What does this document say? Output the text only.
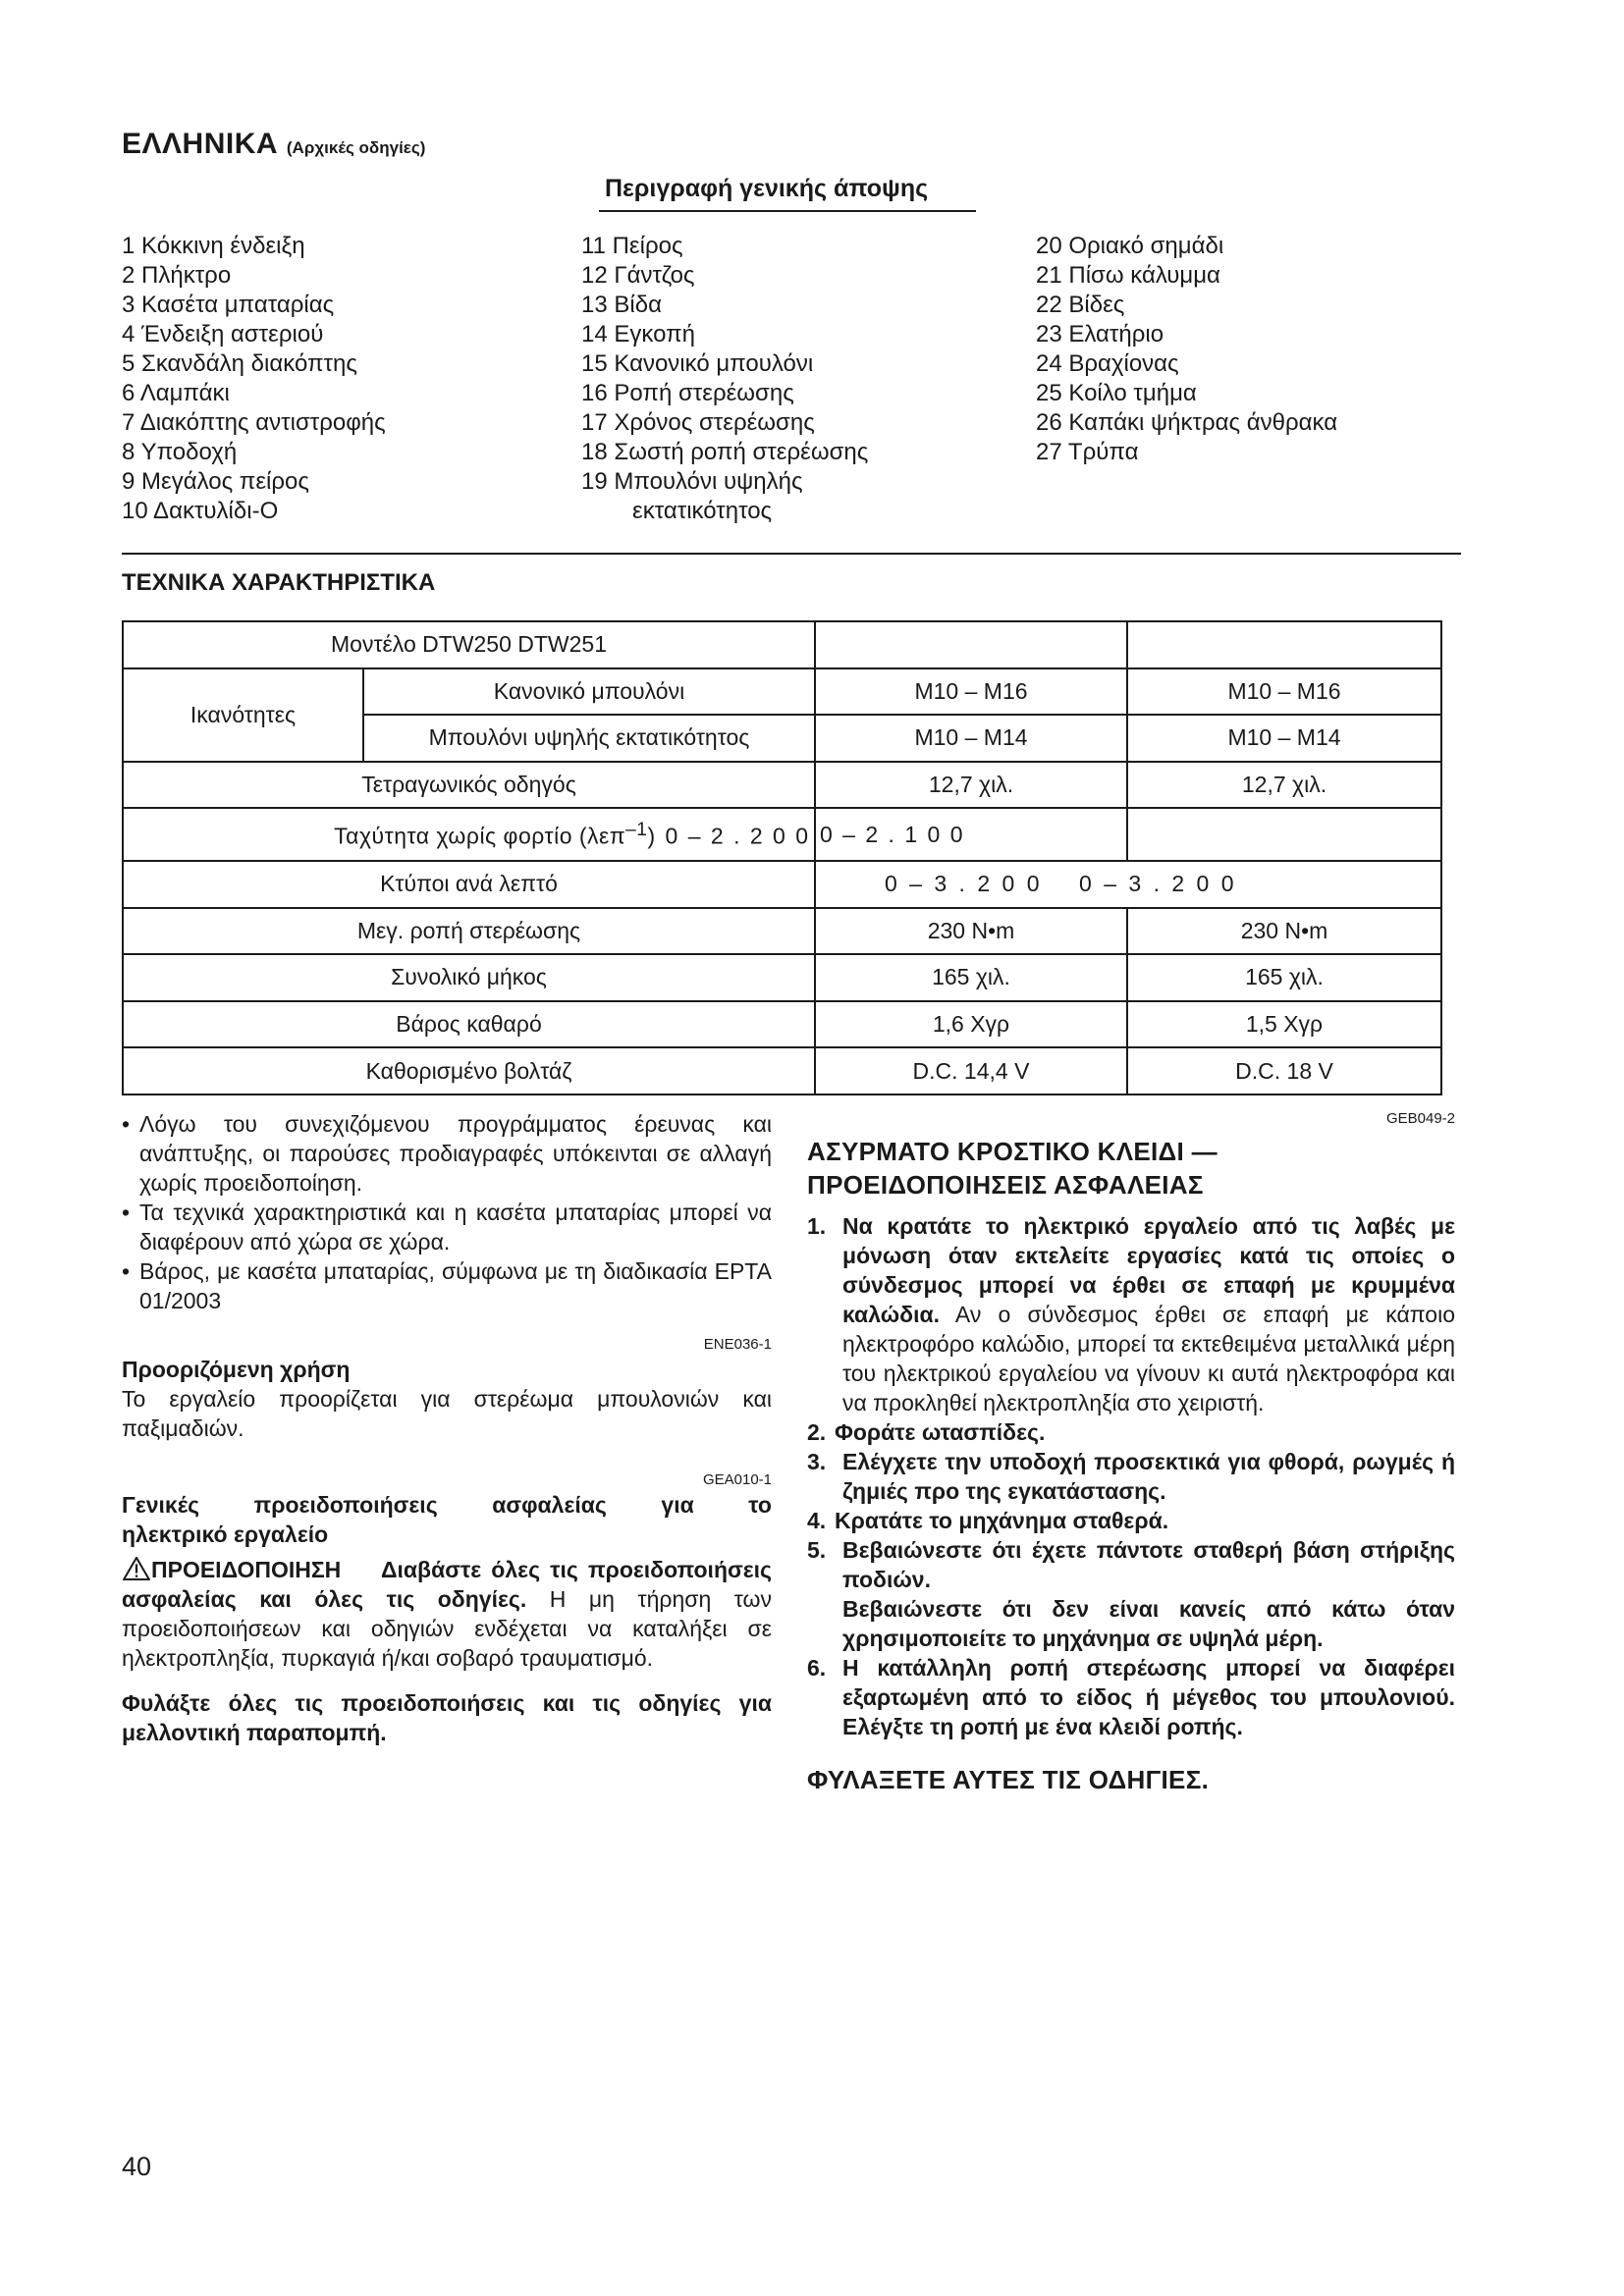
ΕΛΛΗΝΙΚΑ (Αρχικές οδηγίες)
Περιγραφή γενικής άποψης
1 Κόκκινη ένδειξη
2 Πλήκτρο
3 Κασέτα μπαταρίας
4 Ένδειξη αστεριού
5 Σκανδάλη διακόπτης
6 Λαμπάκι
7 Διακόπτης αντιστροφής
8 Υποδοχή
9 Μεγάλος πείρος
10 Δακτυλίδι-Ο
11 Πείρος
12 Γάντζος
13 Βίδα
14 Εγκοπή
15 Κανονικό μπουλόνι
16 Ροπή στερέωσης
17 Χρόνος στερέωσης
18 Σωστή ροπή στερέωσης
19 Μπουλόνι υψηλής
εκτατικότητος
20 Οριακό σημάδι
21 Πίσω κάλυμμα
22 Βίδες
23 Ελατήριο
24 Βραχίονας
25 Κοίλο τμήμα
26 Καπάκι ψήκτρας άνθρακα
27 Τρύπα
ΤΕΧΝΙΚΑ ΧΑΡΑΚΤΗΡΙΣΤΙΚΑ
Μοντέλο DTW250 DTW251			
Ικανότητες	Κανονικό μπουλόνι	M10 – M16	M10 – M16
	Μπουλόνι υψηλής εκτατικότητος	M10 – M14	M10 – M14
Τετραγωνικός οδηγός		12,7 χιλ.	12,7 χιλ.
Ταχύτητα χωρίς φορτίο (λεπ$^{-1}$) 0 – 2 . 2 0 0		0 – 2 . 1 0 0	
Κτύποι ανά λεπτό		0 – 3 . 2 0 0    0 – 3 . 2 0 0	
Μεγ. ροπή στερέωσης		230 N•m	230 N•m
Συνολικό μήκος		165 χιλ.	165 χιλ.
Βάρος καθαρό		1,6 Χγρ	1,5 Χγρ
Καθορισμένο βολτάζ		D.C. 14,4 V	D.C. 18 V
• Λόγω του συνεχιζόμενου προγράμματος έρευνας και ανάπτυξης, οι παρούσες προδιαγραφές υπόκεινται σε αλλαγή χωρίς προειδοποίηση.
• Τα τεχνικά χαρακτηριστικά και η κασέτα μπαταρίας μπορεί να διαφέρουν από χώρα σε χώρα.
• Βάρος, με κασέτα μπαταρίας, σύμφωνα με τη διαδικασία EPTA 01/2003
ENE036-1
Προοριζόμενη χρήση
Το εργαλείο προορίζεται για στερέωμα μπουλονιών και παξιμαδιών.
GEA010-1
Γενικές προειδοποιήσεις ασφαλείας για το
ηλεκτρικό εργαλείο
ΠΡΟΕΙΔΟΠΟΙΗΣΗ Διαβάστε όλες τις προειδοποιήσεις ασφαλείας και όλες τις οδηγίες. Η μη τήρηση των προειδοποιήσεων και οδηγιών ενδέχεται να καταλήξει σε ηλεκτροπληξία, πυρκαγιά ή/και σοβαρό τραυματισμό.
Φυλάξτε όλες τις προειδοποιήσεις και τις οδηγίες για μελλοντική παραπομπή.
GEB049-2
ΑΣΥΡΜΑΤΟ ΚΡΟΣΤΙΚΟ ΚΛΕΙΔΙ —
ΠΡΟΕΙΔΟΠΟΙΗΣΕΙΣ ΑΣΦΑΛΕΙΑΣ
1. Να κρατάτε το ηλεκτρικό εργαλείο από τις λαβές με μόνωση όταν εκτελείτε εργασίες κατά τις οποίες ο σύνδεσμος μπορεί να έρθει σε επαφή με κρυμμένα καλώδια. Αν ο σύνδεσμος έρθει σε επαφή με κάποιο ηλεκτροφόρο καλώδιο, μπορεί τα εκτεθειμένα μεταλλικά μέρη του ηλεκτρικού εργαλείου να γίνουν κι αυτά ηλεκτροφόρα και να προκληθεί ηλεκτροπληξία στο χειριστή.
2. Φοράτε ωτασπίδες.
3. Ελέγχετε την υποδοχή προσεκτικά για φθορά, ρωγμές ή ζημιές προ της εγκατάστασης.
4. Κρατάτε το μηχάνημα σταθερά.
5. Βεβαιώνεστε ότι έχετε πάντοτε σταθερή βάση στήριξης ποδιών.
Βεβαιώνεστε ότι δεν είναι κανείς από κάτω όταν χρησιμοποιείτε το μηχάνημα σε υψηλά μέρη.
6. Η κατάλληλη ροπή στερέωσης μπορεί να διαφέρει εξαρτωμένη από το είδος ή μέγεθος του μπουλονιού. Ελέγξτε τη ροπή με ένα κλειδί ροπής.
ΦΥΛΑΞΕΤΕ ΑΥΤΕΣ ΤΙΣ ΟΔΗΓΙΕΣ.
40
